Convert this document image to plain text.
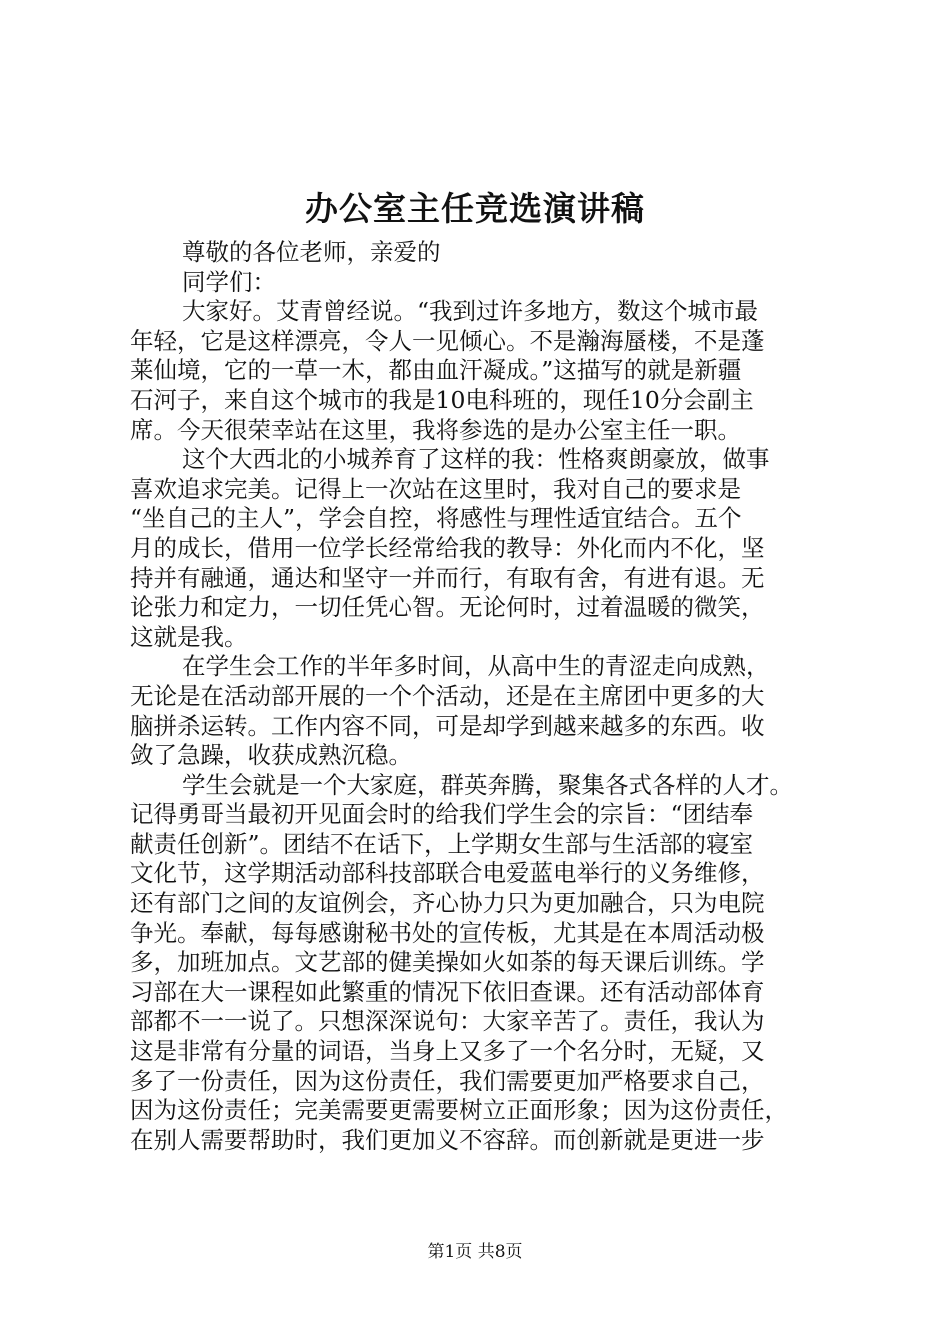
办公室主任竞选演讲稿
尊敬的各位老师，亲爱的
同学们：
大家好。艾青曾经说。“我到过许多地方，数这个城市最
年轻，它是这样漂亮，令人一见倾心。不是瀚海蜃楼，不是蓬
莱仙境，它的一草一木，都由血汗凝成。”这描写的就是新疆
石河子，来自这个城市的我是10电科班的，现任10分会副主
席。今天很荣幸站在这里，我将参选的是办公室主任一职。
这个大西北的小城养育了这样的我：性格爽朗豪放，做事
喜欢追求完美。记得上一次站在这里时，我对自己的要求是
“坐自己的主人”，学会自控，将感性与理性适宜结合。五个
月的成长，借用一位学长经常给我的教导：外化而内不化，坚
持并有融通，通达和坚守一并而行，有取有舍，有进有退。无
论张力和定力，一切任凭心智。无论何时，过着温暖的微笑，
这就是我。
在学生会工作的半年多时间，从高中生的青涩走向成熟，
无论是在活动部开展的一个个活动，还是在主席团中更多的大
脑拼杀运转。工作内容不同，可是却学到越来越多的东西。收
敛了急躁，收获成熟沉稳。
学生会就是一个大家庭，群英奔腾，聚集各式各样的人才。
记得勇哥当最初开见面会时的给我们学生会的宗旨：“团结奉
献责任创新”。团结不在话下，上学期女生部与生活部的寝室
文化节，这学期活动部科技部联合电爱蓝电举行的义务维修，
还有部门之间的友谊例会，齐心协力只为更加融合，只为电院
争光。奉献，每每感谢秘书处的宣传板，尤其是在本周活动极
多，加班加点。文艺部的健美操如火如荼的每天课后训练。学
习部在大一课程如此繁重的情况下依旧查课。还有活动部体育
部都不一一说了。只想深深说句：大家辛苦了。责任，我认为
这是非常有分量的词语，当身上又多了一个名分时，无疑，又
多了一份责任，因为这份责任，我们需要更加严格要求自己，
因为这份责任；完美需要更需要树立正面形象；因为这份责任，
在别人需要帮助时，我们更加义不容辞。而创新就是更进一步
第1页 共8页
